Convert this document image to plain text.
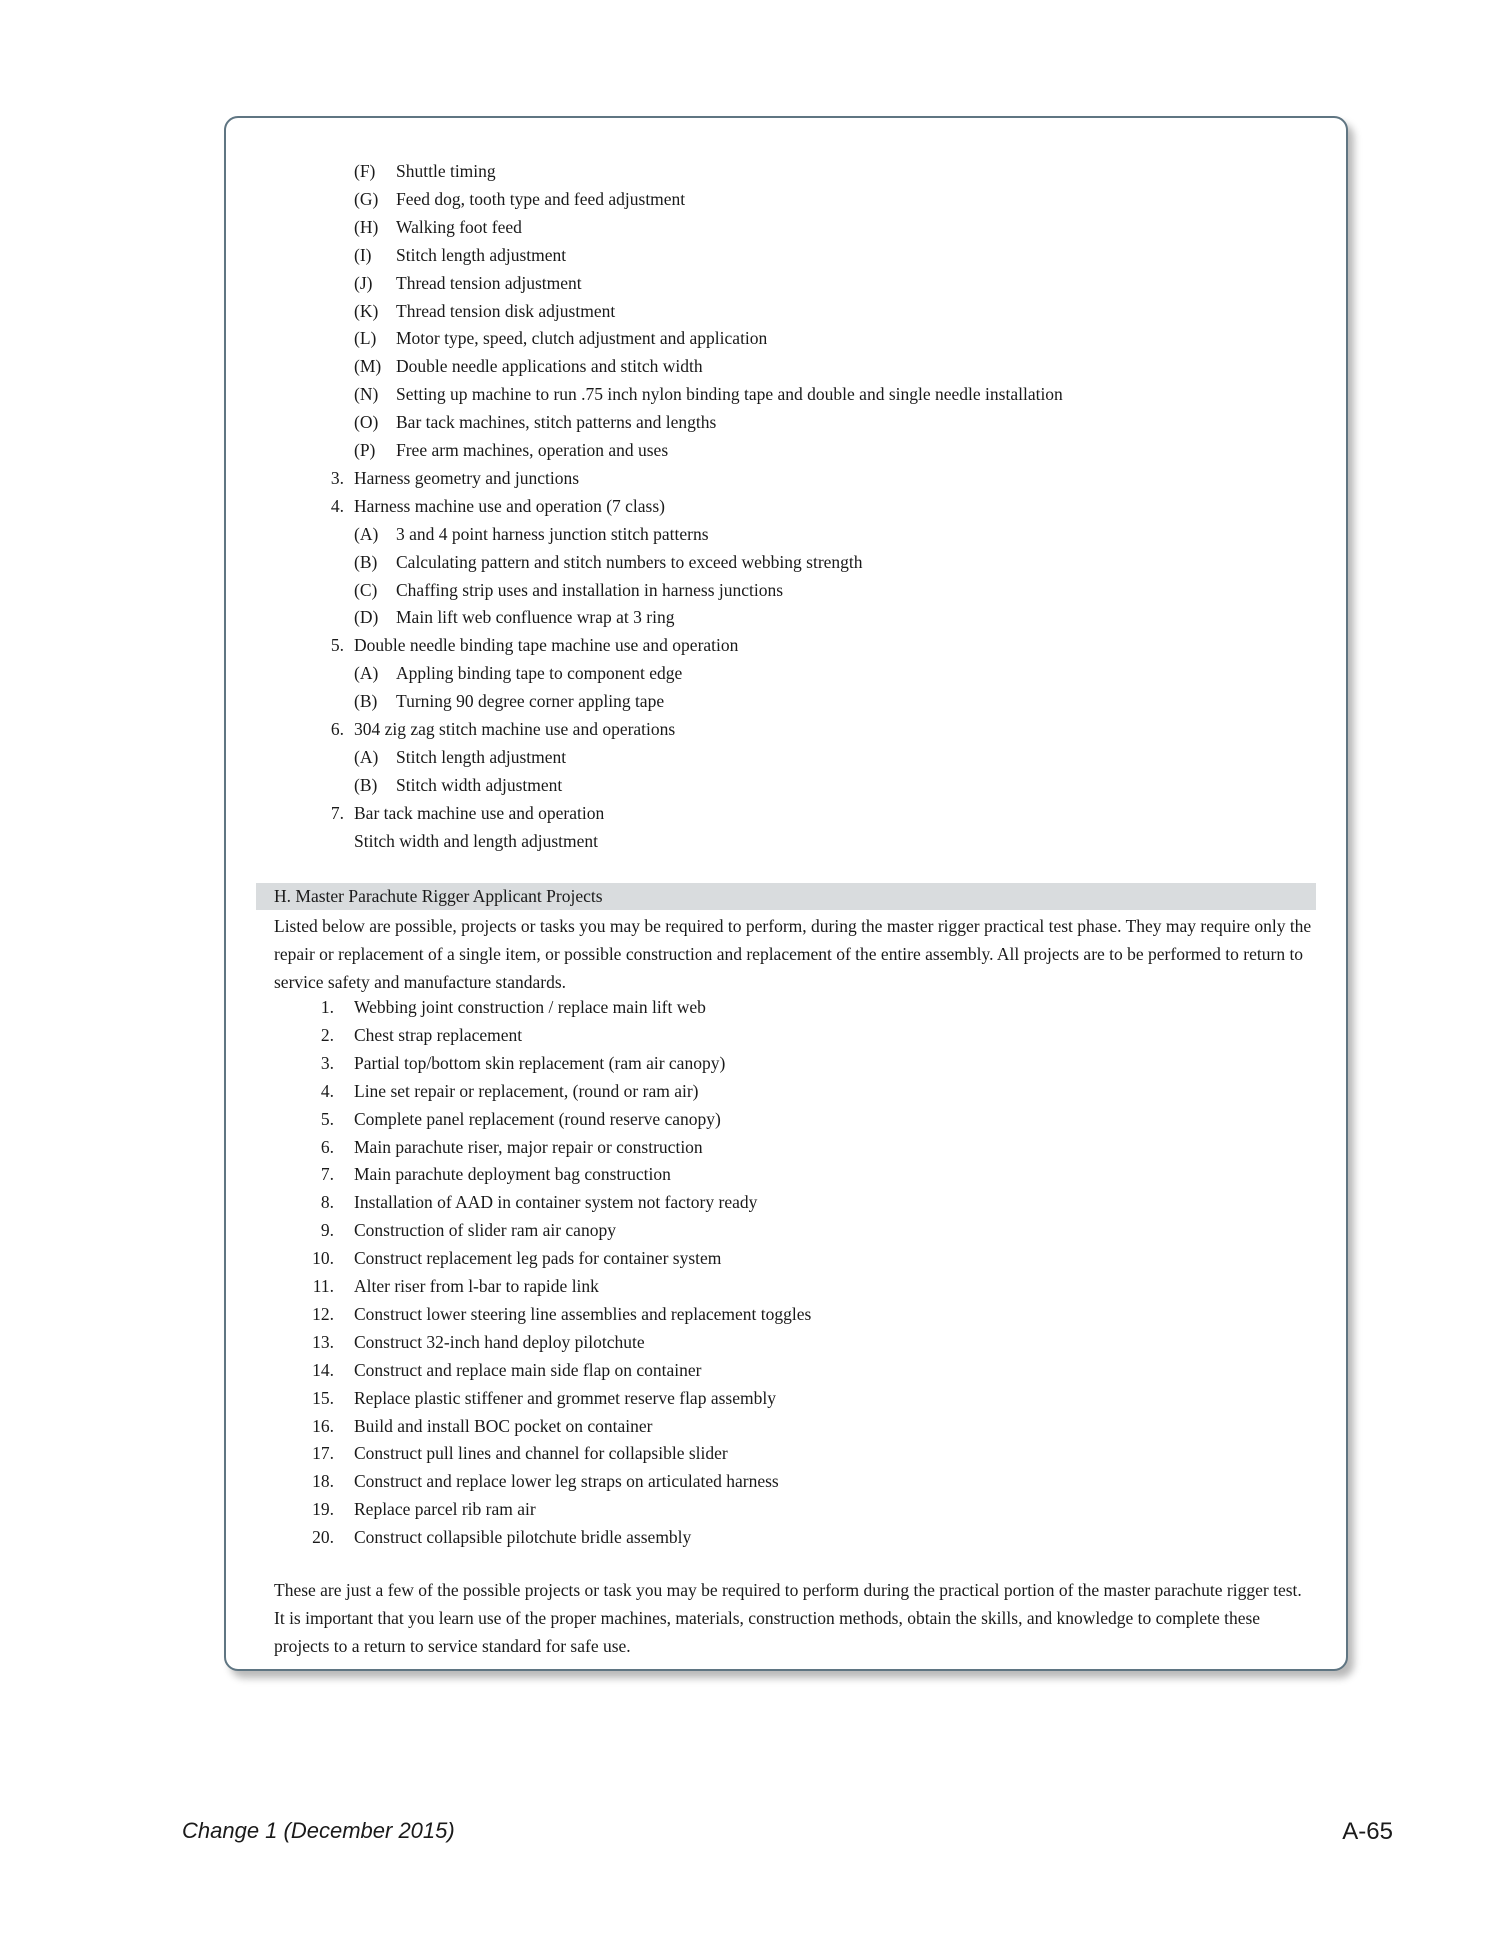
(F) Shuttle timing
(G) Feed dog, tooth type and feed adjustment
(H) Walking foot feed
(I) Stitch length adjustment
(J) Thread tension adjustment
(K) Thread tension disk adjustment
(L) Motor type, speed, clutch adjustment and application
(M) Double needle applications and stitch width
(N) Setting up machine to run .75 inch nylon binding tape and double and single needle installation
(O) Bar tack machines, stitch patterns and lengths
(P) Free arm machines, operation and uses
3. Harness geometry and junctions
4. Harness machine use and operation (7 class)
(A) 3 and 4 point harness junction stitch patterns
(B) Calculating pattern and stitch numbers to exceed webbing strength
(C) Chaffing strip uses and installation in harness junctions
(D) Main lift web confluence wrap at 3 ring
5. Double needle binding tape machine use and operation
(A) Appling binding tape to component edge
(B) Turning 90 degree corner appling tape
6. 304 zig zag stitch machine use and operations
(A) Stitch length adjustment
(B) Stitch width adjustment
7. Bar tack machine use and operation
Stitch width and length adjustment
H. Master Parachute Rigger Applicant Projects
Listed below are possible, projects or tasks you may be required to perform, during the master rigger practical test phase. They may require only the repair or replacement of a single item, or possible construction and replacement of the entire assembly. All projects are to be performed to return to service safety and manufacture standards.
1. Webbing joint construction / replace main lift web
2. Chest strap replacement
3. Partial top/bottom skin replacement (ram air canopy)
4. Line set repair or replacement, (round or ram air)
5. Complete panel replacement (round reserve canopy)
6. Main parachute riser, major repair or construction
7. Main parachute deployment bag construction
8. Installation of AAD in container system not factory ready
9. Construction of slider ram air canopy
10. Construct replacement leg pads for container system
11. Alter riser from l-bar to rapide link
12. Construct lower steering line assemblies and replacement toggles
13. Construct 32-inch hand deploy pilotchute
14. Construct and replace main side flap on container
15. Replace plastic stiffener and grommet reserve flap assembly
16. Build and install BOC pocket on container
17. Construct pull lines and channel for collapsible slider
18. Construct and replace lower leg straps on articulated harness
19. Replace parcel rib ram air
20. Construct collapsible pilotchute bridle assembly
These are just a few of the possible projects or task you may be required to perform during the practical portion of the master parachute rigger test. It is important that you learn use of the proper machines, materials, construction methods, obtain the skills, and knowledge to complete these projects to a return to service standard for safe use.
Change 1 (December 2015)	A-65
